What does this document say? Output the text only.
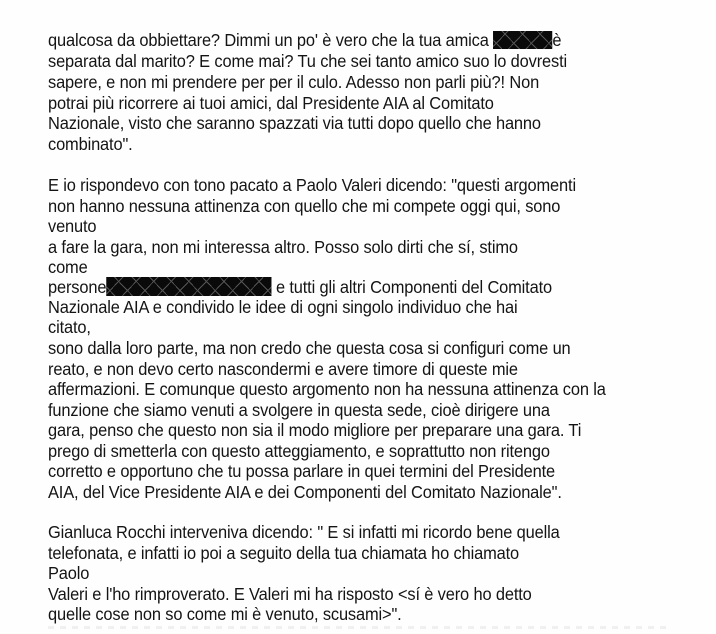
qualcosa da obbiettare? Dimmi un po' è vero che la tua amica	è
separata dal marito? E come mai? Tu che sei tanto amico suo lo dovresti
sapere, e non mi prendere per per il culo. Adesso non parli più?! Non
potrai più ricorrere ai tuoi amici, dal Presidente AIA al Comitato
Nazionale, visto che saranno spazzati via tutti dopo quello che hanno
combinato".
E io rispondevo con tono pacato a Paolo Valeri dicendo: "questi argomenti
non hanno nessuna attinenza con quello che mi compete oggi qui, sono
venuto
a fare la gara, non mi interessa altro. Posso solo dirti che sí, stimo
come
persone	e tutti gli altri Componenti del Comitato
Nazionale AIA e condivido le idee di ogni singolo individuo che hai
citato,
sono dalla loro parte, ma non credo che questa cosa si configuri come un
reato, e non devo certo nascondermi e avere timore di queste mie
affermazioni. E comunque questo argomento non ha nessuna attinenza con la
funzione che siamo venuti a svolgere in questa sede, cioè dirigere una
gara, penso che questo non sia il modo migliore per preparare una gara. Ti
prego di smetterla con questo atteggiamento, e soprattutto non ritengo
corretto e opportuno che tu possa parlare in quei termini del Presidente
AIA, del Vice Presidente AIA e dei Componenti del Comitato Nazionale".
Gianluca Rocchi interveniva dicendo: " E si infatti mi ricordo bene quella
telefonata, e infatti io poi a seguito della tua chiamata ho chiamato
Paolo
Valeri e l'ho rimproverato. E Valeri mi ha risposto <sí è vero ho detto
quelle cose non so come mi è venuto, scusami>".
